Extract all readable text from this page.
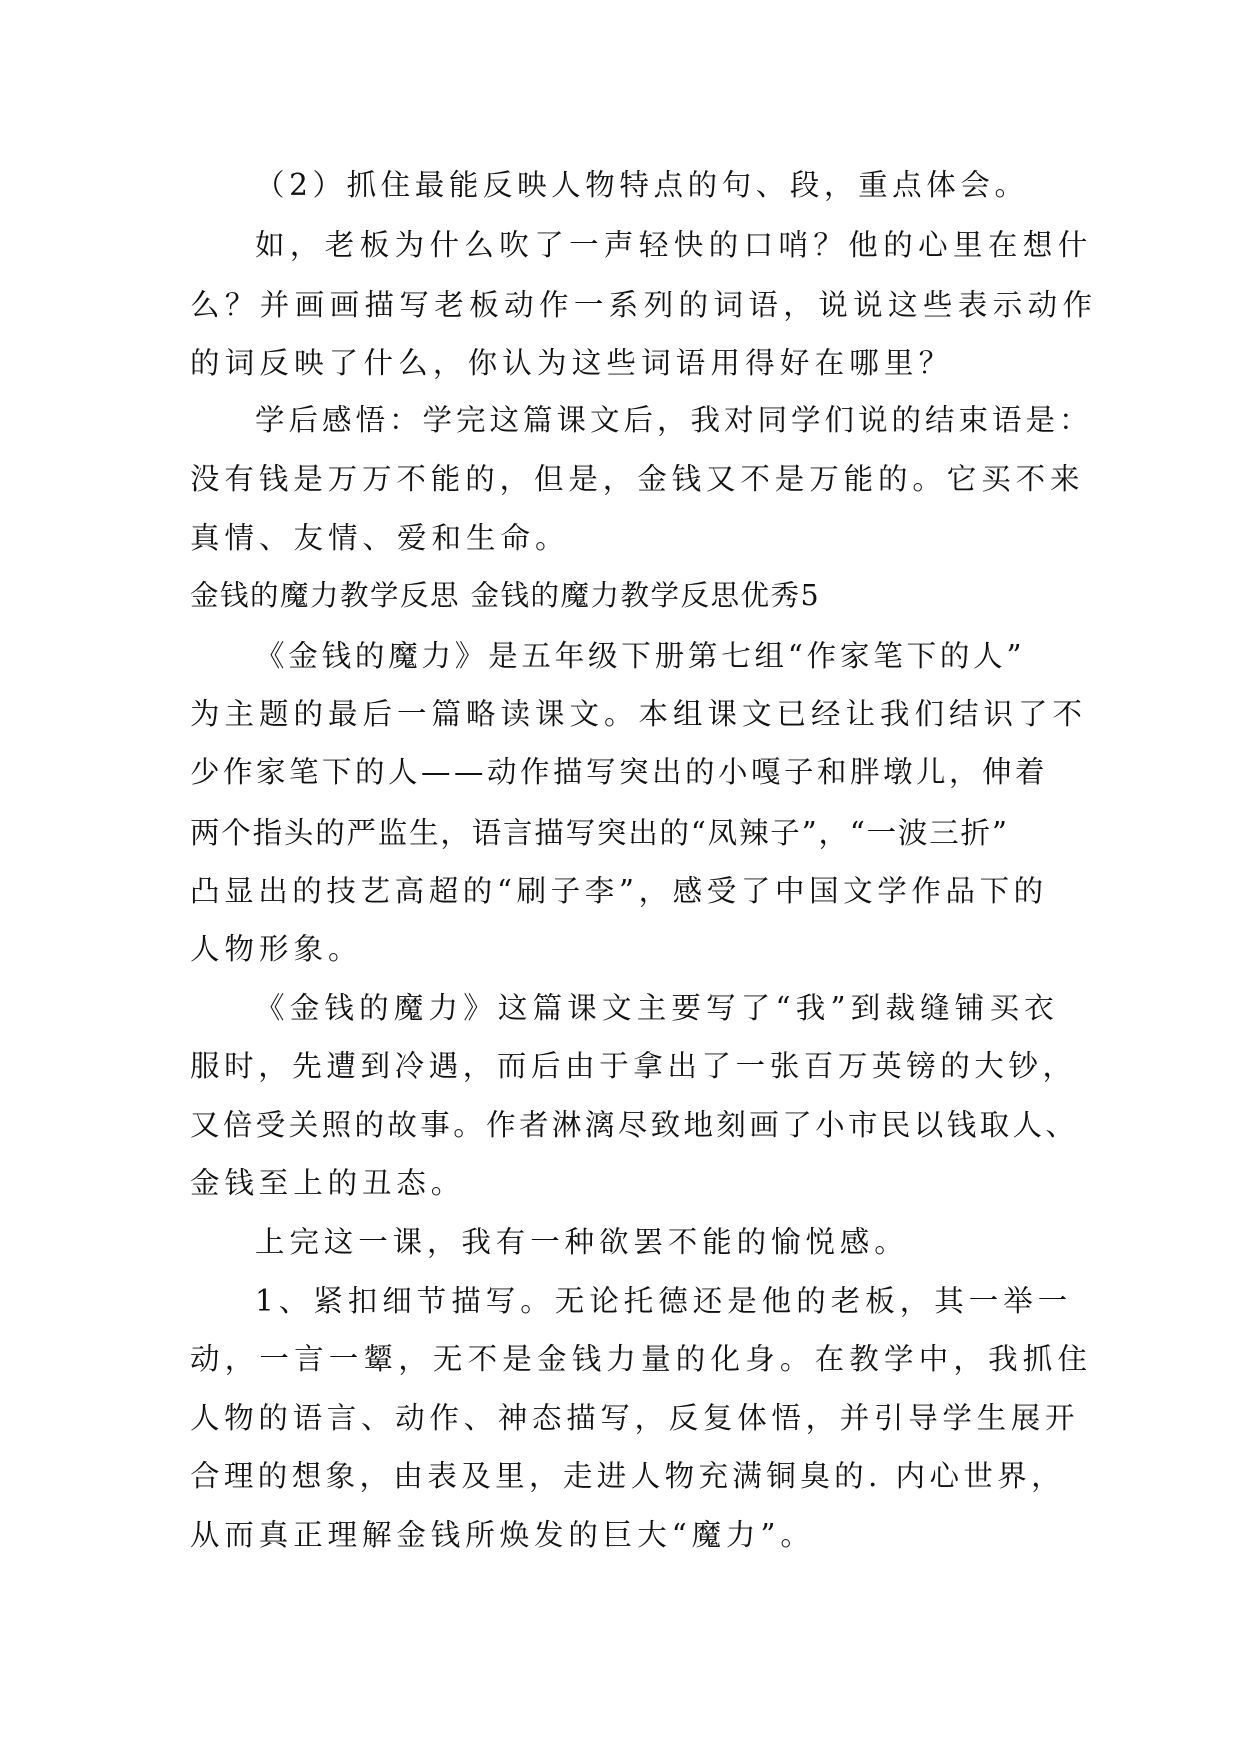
（2）抓住最能反映人物特点的句、段，重点体会。
如，老板为什么吹了一声轻快的口哨？他的心里在想什
么？并画画描写老板动作一系列的词语，说说这些表示动作
的词反映了什么，你认为这些词语用得好在哪里？
学后感悟：学完这篇课文后，我对同学们说的结束语是：
没有钱是万万不能的，但是，金钱又不是万能的。它买不来
真情、友情、爱和生命。
金钱的魔力教学反思 金钱的魔力教学反思优秀5
《金钱的魔力》是五年级下册第七组“作家笔下的人”
为主题的最后一篇略读课文。本组课文已经让我们结识了不
少作家笔下的人——动作描写突出的小嘎子和胖墩儿，伸着
两个指头的严监生，语言描写突出的“凤辣子”，“一波三折”
凸显出的技艺高超的“刷子李”，感受了中国文学作品下的
人物形象。
《金钱的魔力》这篇课文主要写了“我”到裁缝铺买衣
服时，先遭到冷遇，而后由于拿出了一张百万英镑的大钞，
又倍受关照的故事。作者淋漓尽致地刻画了小市民以钱取人、
金钱至上的丑态。
上完这一课，我有一种欲罢不能的愉悦感。
1、紧扣细节描写。无论托德还是他的老板，其一举一
动，一言一颦，无不是金钱力量的化身。在教学中，我抓住
人物的语言、动作、神态描写，反复体悟，并引导学生展开
合理的想象，由表及里，走进人物充满铜臭的. 内心世界，
从而真正理解金钱所焕发的巨大“魔力”。
